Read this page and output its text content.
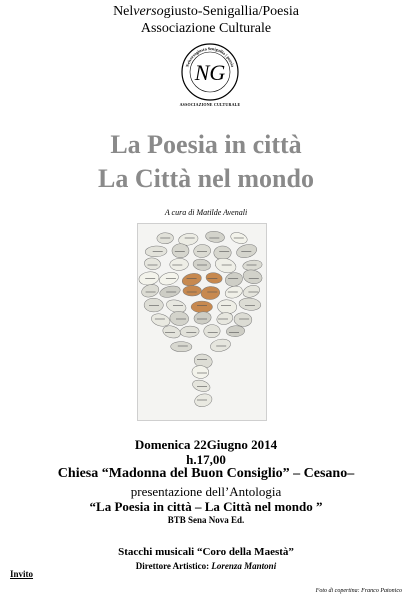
Nelversogiusto-Senigallia/Poesia
Associazione Culturale
Nelversogiusto Senigallia | poesia
NG
ASSOCIAZIONE CULTURALE
La Poesia in città
La Città nel mondo
A cura di Matilde Avenali
Domenica 22Giugno 2014
h.17,00
Chiesa “Madonna del Buon Consiglio” – Cesano–
presentazione dell’Antologia
“La Poesia in città – La Città nel mondo ”
BTB Sena Nova Ed.
Stacchi musicali “Coro della Maestà”
Direttore Artistico: Lorenza Mantoni
Invito
Foto di copertina: Franco Patonico
